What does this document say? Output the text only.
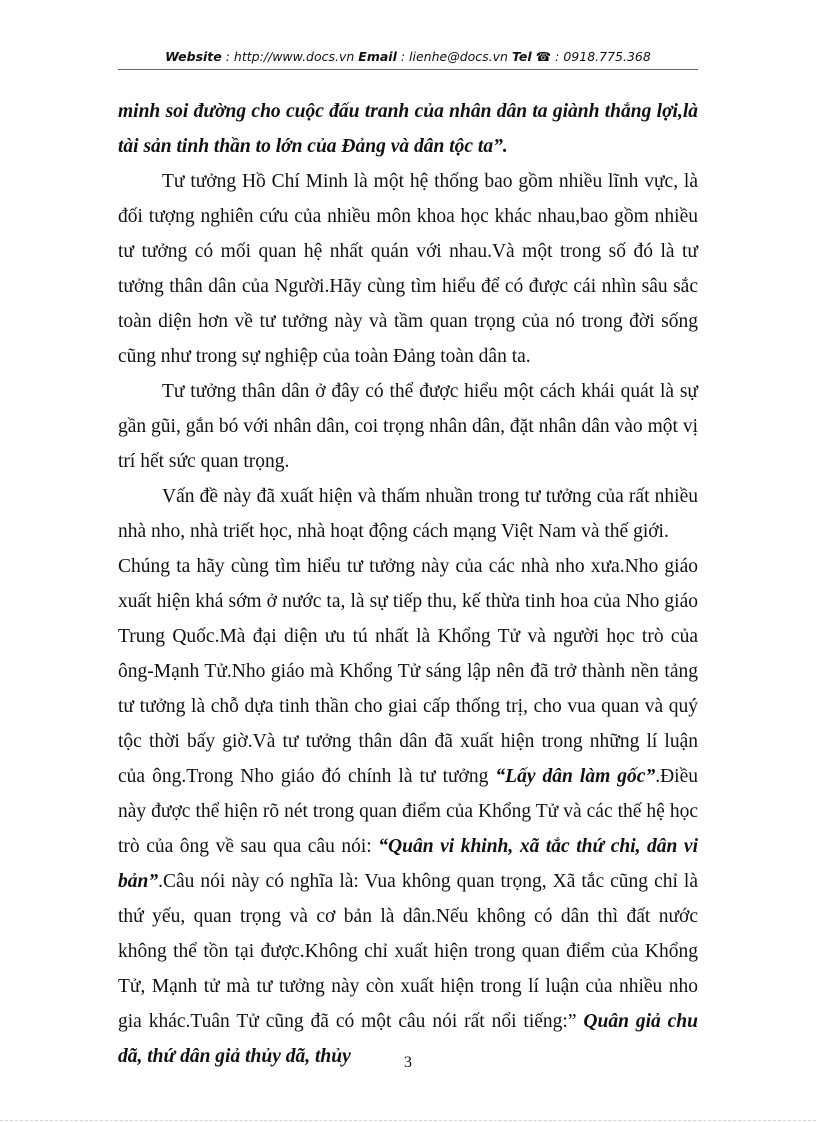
Website : http://www.docs.vn Email : lienhe@docs.vn Tel ☎ : 0918.775.368

minh soi đường cho cuộc đấu tranh của nhân dân ta giành thắng lợi,là tài sản tinh thần to lớn của Đảng và dân tộc ta”.

Tư tưởng Hồ Chí Minh là một hệ thống bao gồm nhiều lĩnh vực, là đối tượng nghiên cứu của nhiều môn khoa học khác nhau,bao gồm nhiều tư tưởng có mối quan hệ nhất quán với nhau.Và một trong số đó là tư tưởng thân dân của Người.Hãy cùng tìm hiểu để có được cái nhìn sâu sắc toàn diện hơn về tư tưởng này và tầm quan trọng của nó trong đời sống cũng như trong sự nghiệp của toàn Đảng toàn dân ta.

Tư tưởng thân dân ở đây có thể được hiểu một cách khái quát là sự gần gũi, gắn bó với nhân dân, coi trọng nhân dân, đặt nhân dân vào một vị trí hết sức quan trọng.

Vấn đề này đã xuất hiện và thấm nhuần trong tư tưởng của rất nhiều nhà nho, nhà triết học, nhà hoạt động cách mạng Việt Nam và thế giới.

Chúng ta hãy cùng tìm hiểu tư tưởng này của các nhà nho xưa.Nho giáo xuất hiện khá sớm ở nước ta, là sự tiếp thu, kế thừa tinh hoa của Nho giáo Trung Quốc.Mà đại diện ưu tú nhất là Khổng Tử và người học trò của ông-Mạnh Tử.Nho giáo mà Khổng Tử sáng lập nên đã trở thành nền tảng tư tưởng là chỗ dựa tinh thần cho giai cấp thống trị, cho vua quan và quý tộc thời bấy giờ.Và tư tưởng thân dân đã xuất hiện trong những lí luận của ông.Trong Nho giáo đó chính là tư tưởng “Lấy dân làm gốc”.Điều này được thể hiện rõ nét trong quan điểm của Khổng Tử và các thế hệ học trò của ông về sau qua câu nói: “Quân vi khinh, xã tắc thứ chi, dân vi bản”.Câu nói này có nghĩa là: Vua không quan trọng, Xã tắc cũng chỉ là thứ yếu, quan trọng và cơ bản là dân.Nếu không có dân thì đất nước không thể tồn tại được.Không chỉ xuất hiện trong quan điểm của Khổng Tử, Mạnh tử mà tư tưởng này còn xuất hiện trong lí luận của nhiều nho gia khác.Tuân Tử cũng đã có một câu nói rất nổi tiếng:” Quân giả chu dã, thứ dân giả thủy dã, thủy	3
